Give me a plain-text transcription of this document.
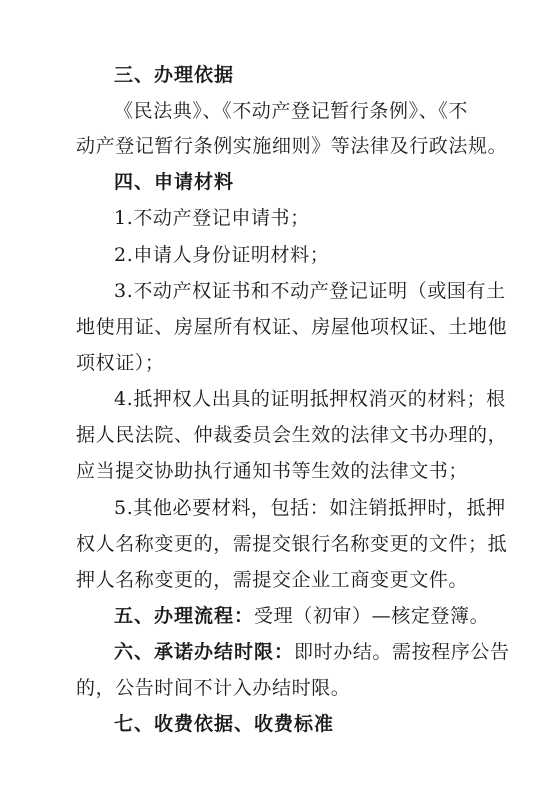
三、办理依据
《民法典》、《不动产登记暂行条例》、《不
动产登记暂行条例实施细则》等法律及行政法规。
四、申请材料
1.不动产登记申请书；
2.申请人身份证明材料；
3.不动产权证书和不动产登记证明（或国有土
地使用证、房屋所有权证、房屋他项权证、土地他
项权证）；
4.抵押权人出具的证明抵押权消灭的材料；根
据人民法院、仲裁委员会生效的法律文书办理的，
应当提交协助执行通知书等生效的法律文书；
5.其他必要材料，包括：如注销抵押时，抵押
权人名称变更的，需提交银行名称变更的文件；抵
押人名称变更的，需提交企业工商变更文件。
五、办理流程：受理（初审）—核定登簿。
六、承诺办结时限：即时办结。需按程序公告
的，公告时间不计入办结时限。
七、收费依据、收费标准
